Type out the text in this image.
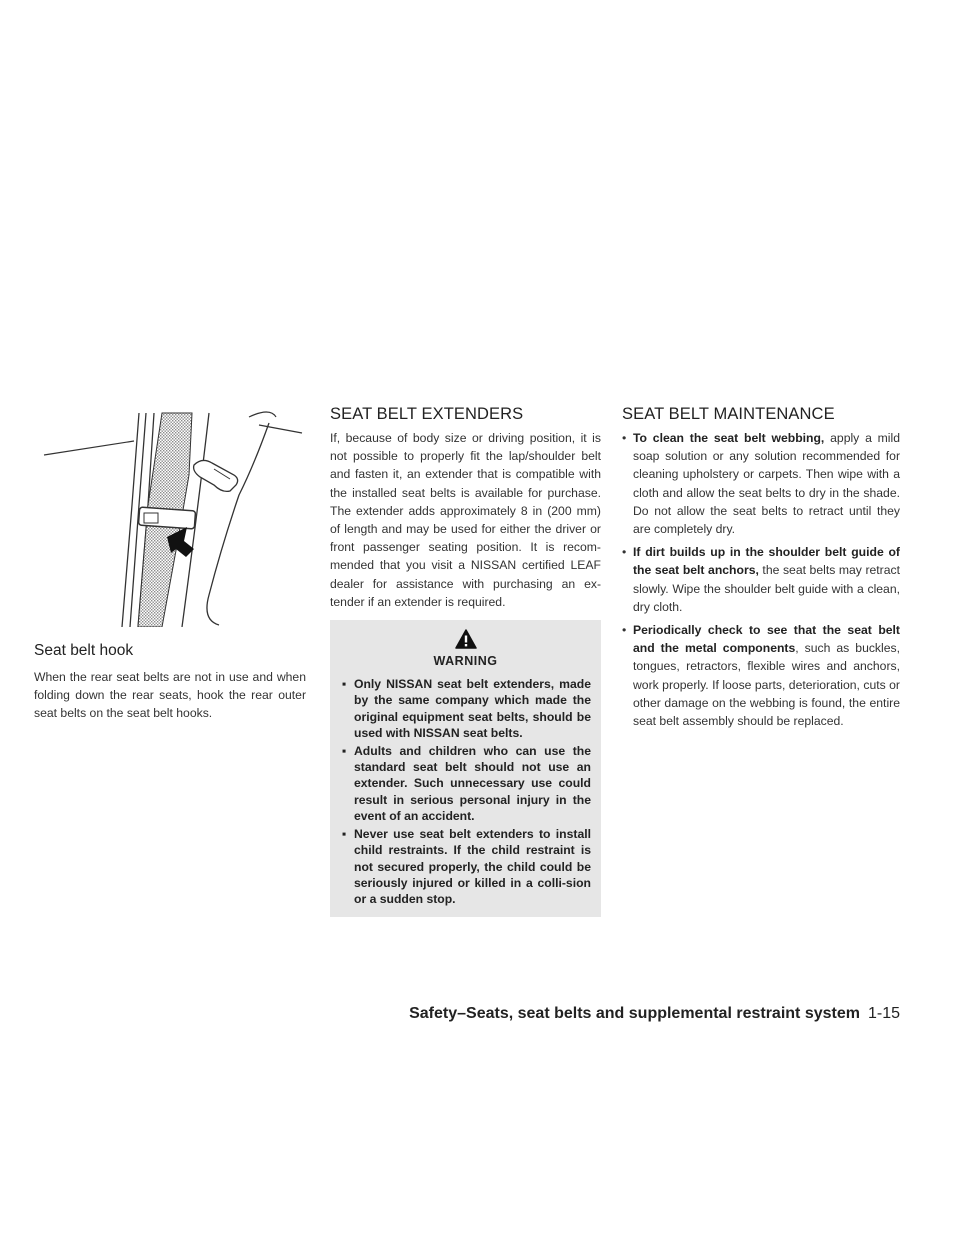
Seat belt hook

When the rear seat belts are not in use and when folding down the rear seats, hook the rear outer seat belts on the seat belt hooks.

SEAT BELT EXTENDERS

If, because of body size or driving position, it is not possible to properly fit the lap/shoulder belt and fasten it, an extender that is compatible with the installed seat belts is available for purchase. The extender adds approximately 8 in (200 mm) of length and may be used for either the driver or front passenger seating position. It is recom-mended that you visit a NISSAN certified LEAF dealer for assistance with purchasing an ex-tender if an extender is required.

WARNING
▪ Only NISSAN seat belt extenders, made by the same company which made the original equipment seat belts, should be used with NISSAN seat belts.
▪ Adults and children who can use the standard seat belt should not use an extender. Such unnecessary use could result in serious personal injury in the event of an accident.
▪ Never use seat belt extenders to install child restraints. If the child restraint is not secured properly, the child could be seriously injured or killed in a colli-sion or a sudden stop.
SEAT BELT MAINTENANCE
• To clean the seat belt webbing, apply a mild soap solution or any solution recommended for cleaning upholstery or carpets. Then wipe with a cloth and allow the seat belts to dry in the shade. Do not allow the seat belts to retract until they are completely dry.
• If dirt builds up in the shoulder belt guide of the seat belt anchors, the seat belts may retract slowly. Wipe the shoulder belt guide with a clean, dry cloth.
• Periodically check to see that the seat belt and the metal components, such as buckles, tongues, retractors, flexible wires and anchors, work properly. If loose parts, deterioration, cuts or other damage on the webbing is found, the entire seat belt assembly should be replaced.
Safety–Seats, seat belts and supplemental restraint system 1-15
